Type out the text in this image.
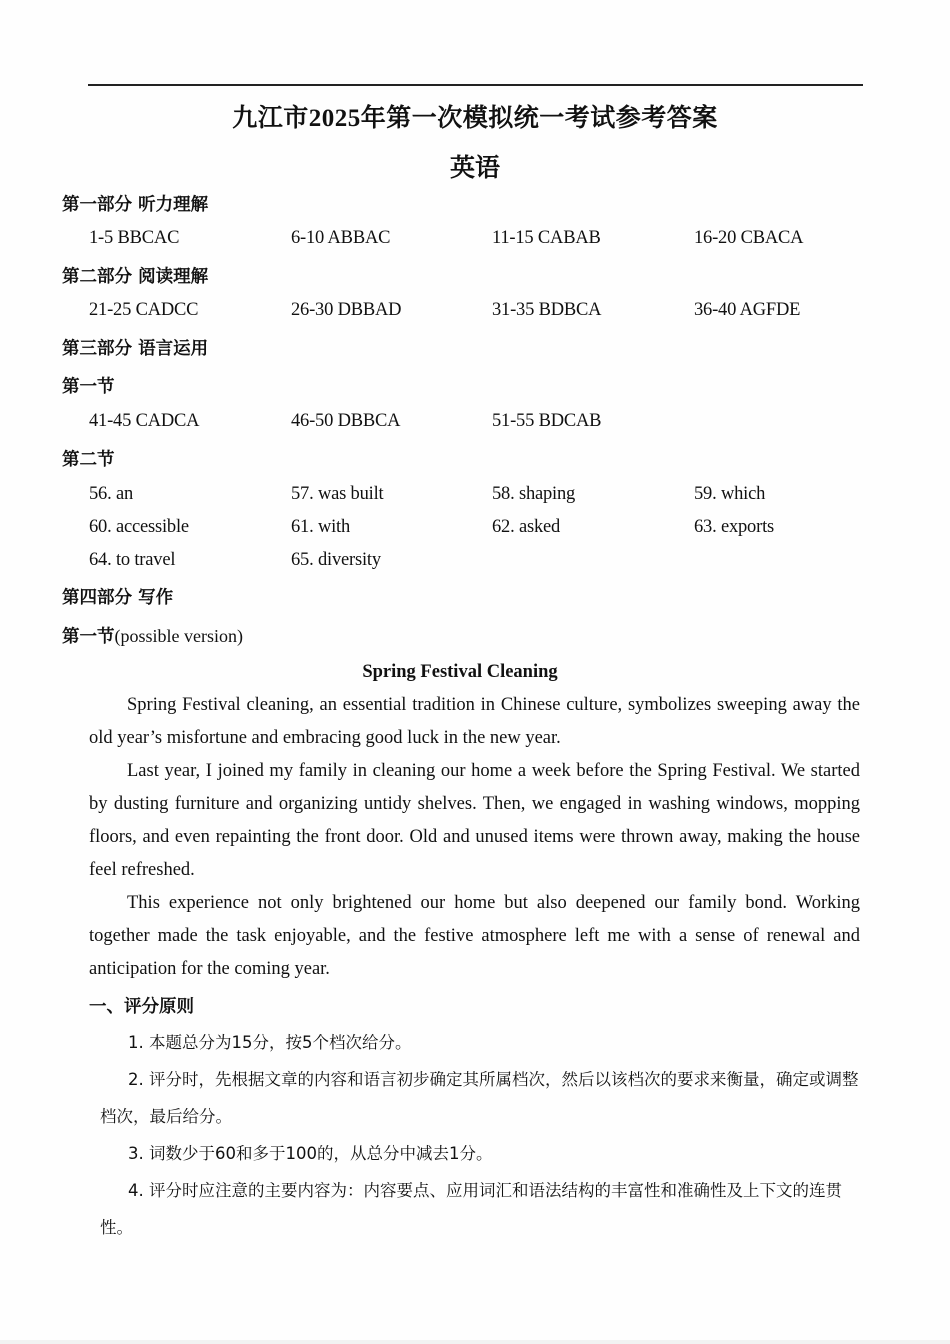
九江市2025年第一次模拟统一考试参考答案
英语
第一部分 听力理解
1-5 BBCAC	6-10 ABBAC	11-15 CABAB	16-20 CBACA
第二部分 阅读理解
21-25 CADCC	26-30 DBBAD	31-35 BDBCA	36-40 AGFDE
第三部分 语言运用
第一节
41-45 CADCA	46-50 DBBCA	51-55 BDCAB
第二节
56. an	57. was built	58. shaping	59. which
60. accessible	61. with	62. asked	63. exports
64. to travel	65. diversity
第四部分 写作
第一节(possible version)
Spring Festival Cleaning

Spring Festival cleaning, an essential tradition in Chinese culture, symbolizes sweeping away the old year’s misfortune and embracing good luck in the new year.

Last year, I joined my family in cleaning our home a week before the Spring Festival. We started by dusting furniture and organizing untidy shelves. Then, we engaged in washing windows, mopping floors, and even repainting the front door. Old and unused items were thrown away, making the house feel refreshed.

This experience not only brightened our home but also deepened our family bond. Working together made the task enjoyable, and the festive atmosphere left me with a sense of renewal and anticipation for the coming year.

一、评分原则

1. 本题总分为15分，按5个档次给分。

2. 评分时，先根据文章的内容和语言初步确定其所属档次，然后以该档次的要求来衡量，确定或调整档次，最后给分。

3. 词数少于60和多于100的，从总分中减去1分。

4. 评分时应注意的主要内容为：内容要点、应用词汇和语法结构的丰富性和准确性及上下文的连贯性。
